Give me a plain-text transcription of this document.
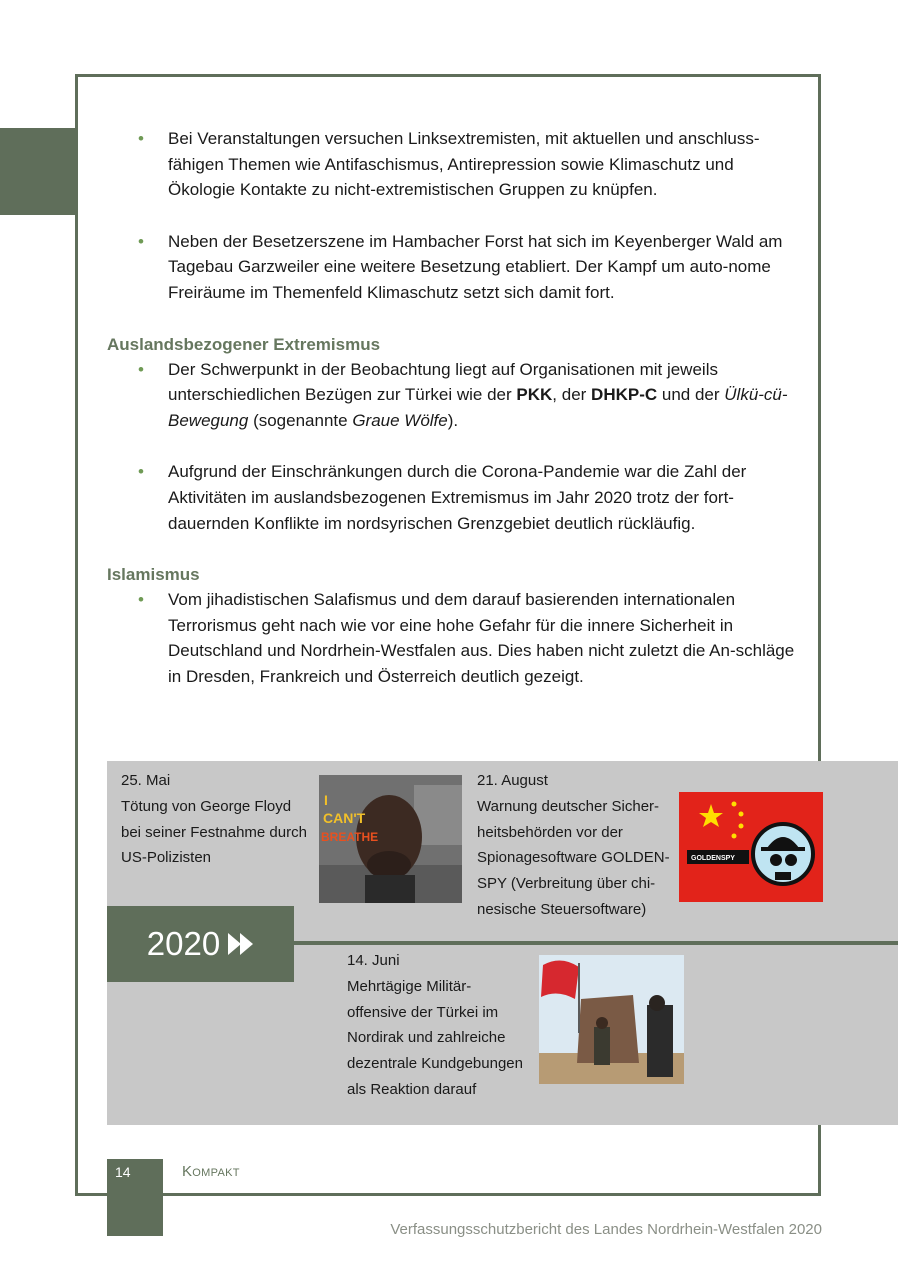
• Bei Veranstaltungen versuchen Linksextremisten, mit aktuellen und anschluss-fähigen Themen wie Antifaschismus, Antirepression sowie Klimaschutz und Ökologie Kontakte zu nicht-extremistischen Gruppen zu knüpfen.
• Neben der Besetzerszene im Hambacher Forst hat sich im Keyenberger Wald am Tagebau Garzweiler eine weitere Besetzung etabliert. Der Kampf um auto-nome Freiräume im Themenfeld Klimaschutz setzt sich damit fort.
Auslandsbezogener Extremismus
• Der Schwerpunkt in der Beobachtung liegt auf Organisationen mit jeweils unterschiedlichen Bezügen zur Türkei wie der PKK, der DHKP-C und der Ülkü-cü-Bewegung (sogenannte Graue Wölfe).
• Aufgrund der Einschränkungen durch die Corona-Pandemie war die Zahl der Aktivitäten im auslandsbezogenen Extremismus im Jahr 2020 trotz der fort-dauernden Konflikte im nordsyrischen Grenzgebiet deutlich rückläufig.
Islamismus
• Vom jihadistischen Salafismus und dem darauf basierenden internationalen Terrorismus geht nach wie vor eine hohe Gefahr für die innere Sicherheit in Deutschland und Nordrhein-Westfalen aus. Dies haben nicht zuletzt die An-schläge in Dresden, Frankreich und Österreich deutlich gezeigt.
25. Mai
Tötung von George Floyd
bei seiner Festnahme durch
US-Polizisten
I
CAN'T
BREATHE
21. August
Warnung deutscher Sicher-
heitsbehörden vor der
Spionagesoftware GOLDEN-
SPY (Verbreitung über chi-
nesische Steuersoftware)
GOLDENSPY
2020	14. Juni
Mehrtägige Militär-
offensive der Türkei im
Nordirak und zahlreiche
dezentrale Kundgebungen
als Reaktion darauf
14	Kompakt
Verfassungsschutzbericht des Landes Nordrhein-Westfalen 2020
